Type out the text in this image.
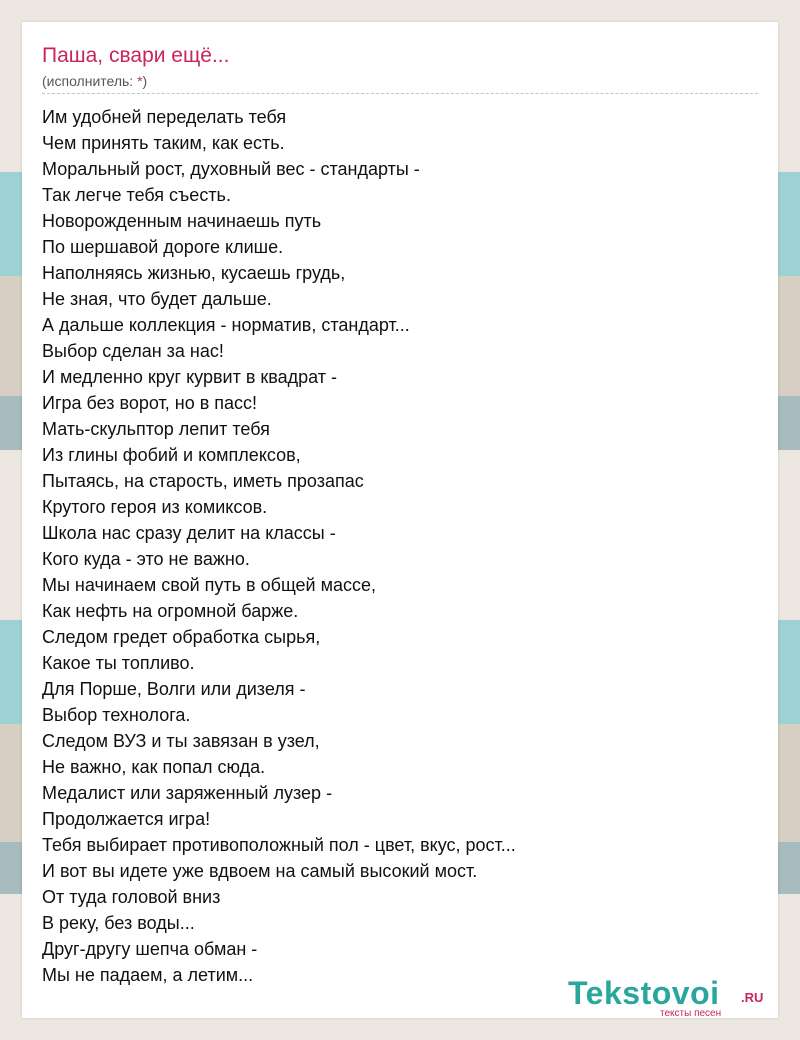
Паша, свари ещё...
(исполнитель: *)
Им удобней переделать тебя
Чем принять таким, как есть.
Моральный рост, духовный вес - стандарты -
Так легче тебя съесть.
Новорожденным начинаешь путь
По шершавой дороге клише.
Наполняясь жизнью, кусаешь грудь,
Не зная, что будет дальше.
А дальше коллекция - норматив, стандарт...
Выбор сделан за нас!
И медленно круг курвит в квадрат -
Игра без ворот, но в пасс!
Мать-скульптор лепит тебя
Из глины фобий и комплексов,
Пытаясь, на старость, иметь прозапас
Крутого героя из комиксов.
Школа нас сразу делит на классы -
Кого куда - это не важно.
Мы начинаем свой путь в общей массе,
Как нефть на огромной барже.
Следом гредет обработка сырья,
Какое ты топливо.
Для Порше, Волги или дизеля -
Выбор технолога.
Следом ВУЗ и ты завязан в узел,
Не важно, как попал сюда.
Медалист или заряженный лузер -
Продолжается игра!
Тебя выбирает противоположный пол - цвет, вкус, рост...
И вот вы идете уже вдвоем на самый высокий мост.
От туда головой вниз
В реку, без воды...
Друг-другу шепча обман -
Мы не падаем, а летим...	Tekstovoi .RU
тексты песен
